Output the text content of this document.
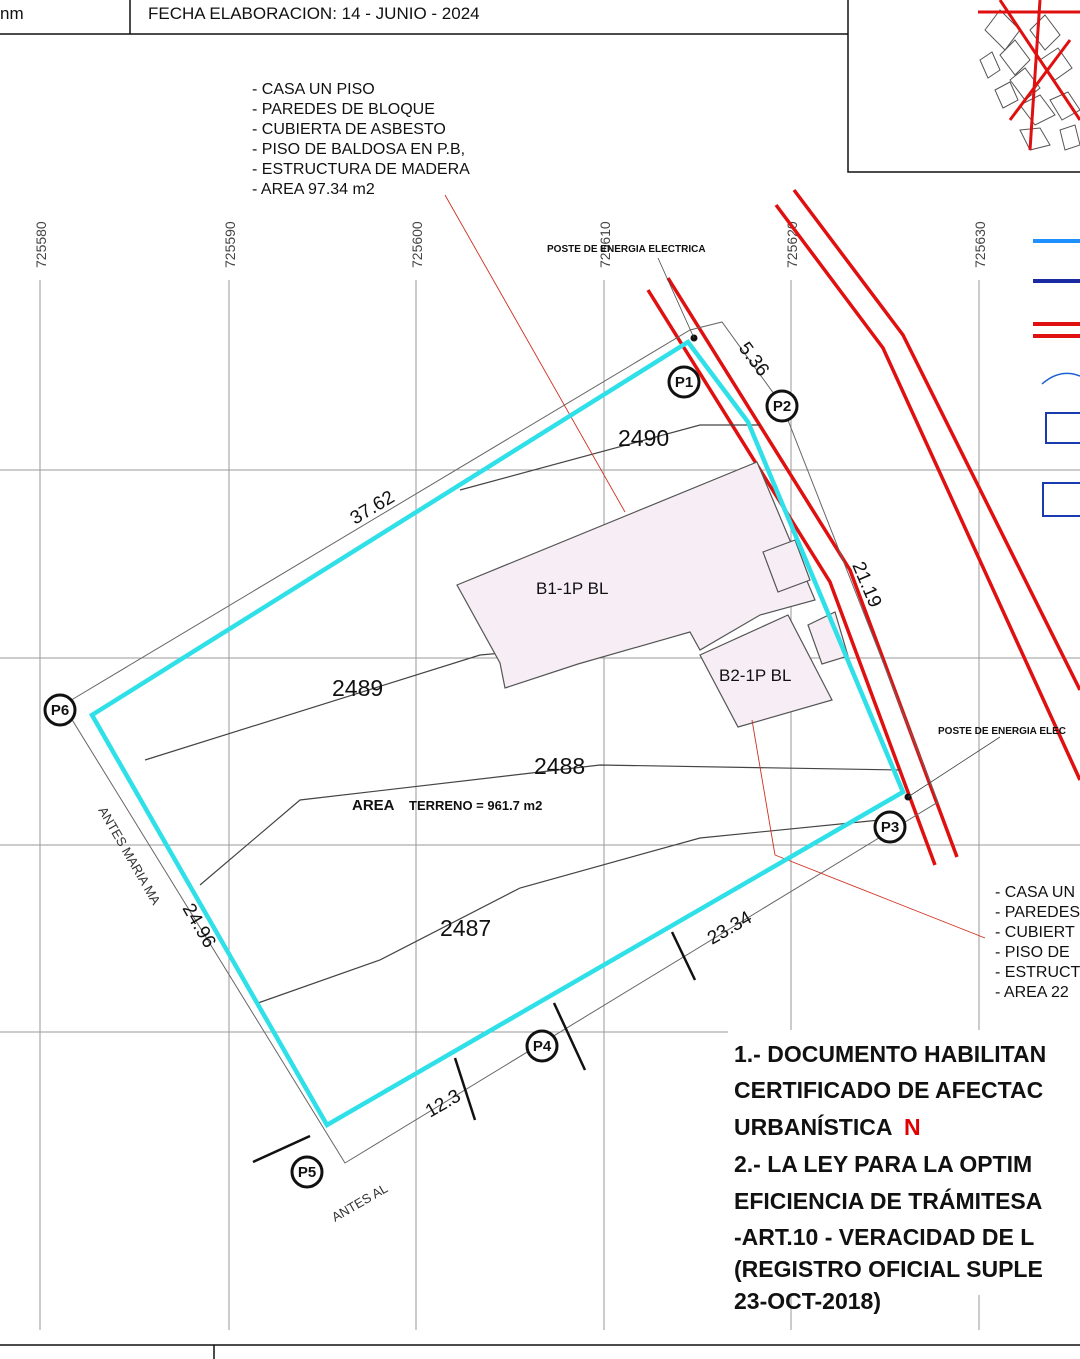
nm	FECHA ELABORACION: 14 - JUNIO - 2024
725580	725590	725600	725610	725620	725630
POSTE DE ENERGIA ELECTRICA
POSTE DE ENERGIA ELEC
- CASA UN PISO
- PAREDES DE BLOQUE
- CUBIERTA DE ASBESTO
- PISO DE BALDOSA EN P.B,
- ESTRUCTURA DE MADERA
- AREA 97.34 m2
- CASA UN
- PAREDES
- CUBIERT
- PISO DE
- ESTRUCT
- AREA 22
5.36
21.19
37.62
24.96	23.34
12.3
2490
2489
2488
2487
B1-1P BL
B2-1P BL
AREA TERRENO = 961.7 m2
ANTES MARIA MA
ANTES AL
P1
P2
P3
P4
P5
P6
1.- DOCUMENTO HABILITAN
CERTIFICADO DE AFECTAC
URBANÍSTICA N
2.- LA LEY PARA LA OPTIM
EFICIENCIA DE TRÁMITESA
-ART.10 - VERACIDAD DE L
(REGISTRO OFICIAL SUPLE
23-OCT-2018)
